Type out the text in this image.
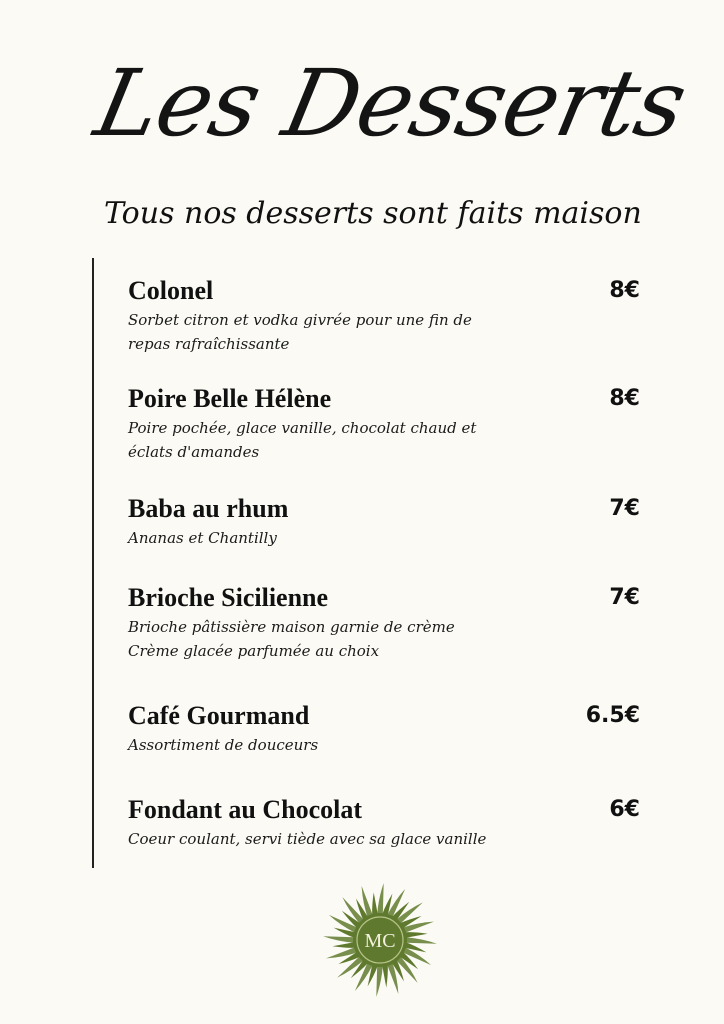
Les Desserts
Tous nos desserts sont faits maison
Colonel
Sorbet citron et vodka givrée pour une fin de
repas rafraîchissante
8€
Poire Belle Hélène
Poire pochée, glace vanille, chocolat chaud et
éclats d'amandes
8€
Baba au rhum
Ananas et Chantilly
7€
Brioche Sicilienne
Brioche pâtissière maison garnie de crème
Crème glacée parfumée au choix
7€
Café Gourmand
Assortiment de douceurs
6.5€
Fondant au Chocolat
Coeur coulant, servi tiède avec sa glace vanille
6€
MC
